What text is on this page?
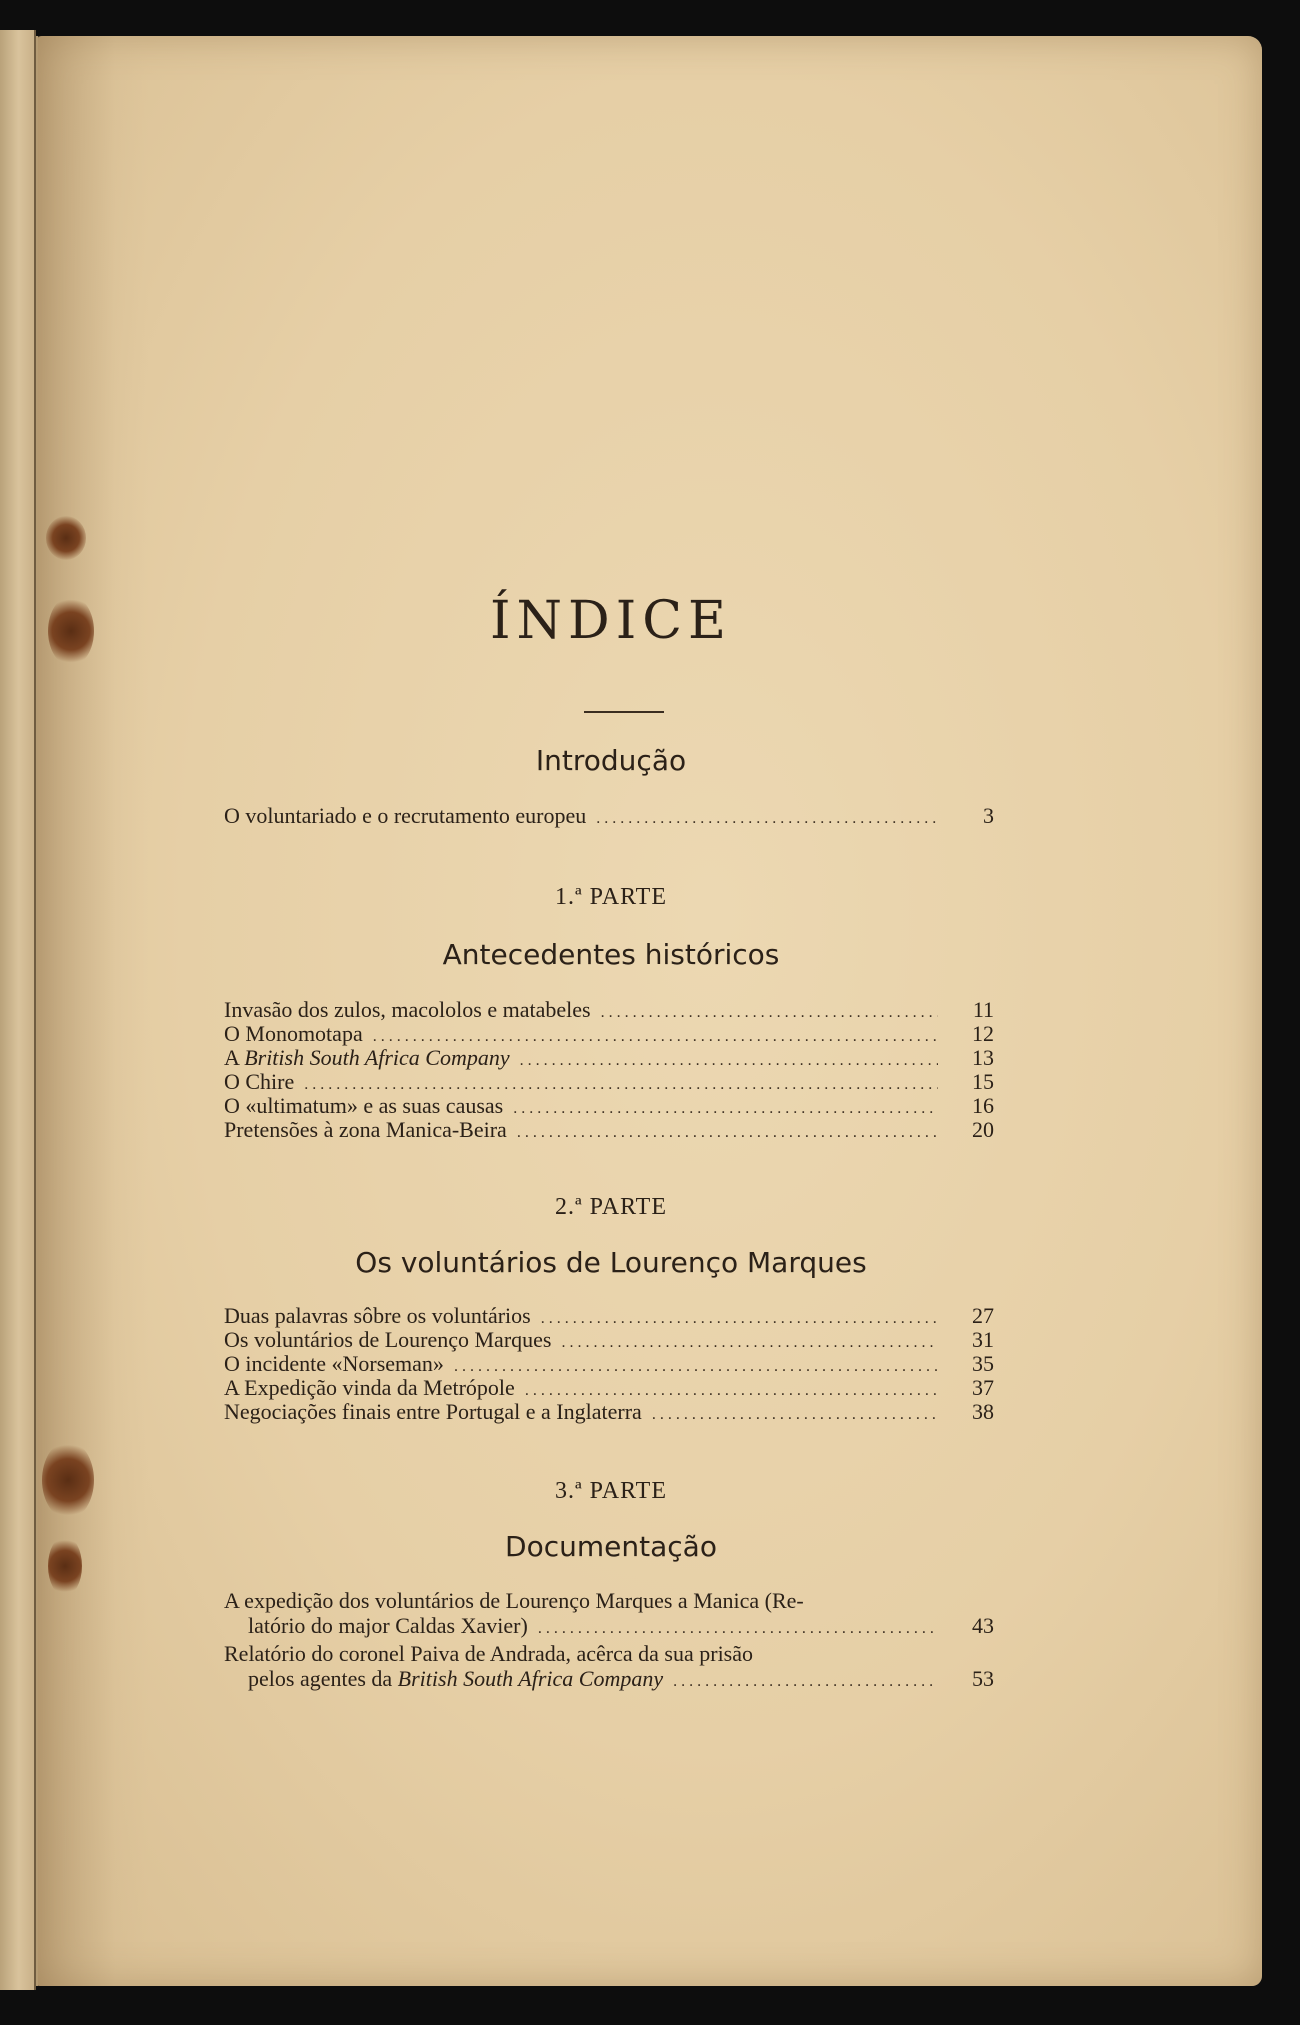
ÍNDICE
Introdução
O voluntariado e o recrutamento europeu . . .	3

1.ª PARTE

Antecedentes históricos
Invasão dos zulos, macololos e matabeles . . .	11
O Monomotapa . . .	12
A British South Africa Company . . .	13
O Chire . . .	15
O «ultimatum» e as suas causas . . .	16
Pretensões à zona Manica-Beira . . .	20

2.ª PARTE

Os voluntários de Lourenço Marques
Duas palavras sôbre os voluntários . . .	27
Os voluntários de Lourenço Marques . . .	31
O incidente «Norseman» . . .	35
A Expedição vinda da Metrópole . . .	37
Negociações finais entre Portugal e a Inglaterra . . .	38

3.ª PARTE

Documentação
A expedição dos voluntários de Lourenço Marques a Manica (Re-
latório do major Caldas Xavier) . . .	43
Relatório do coronel Paiva de Andrada, acêrca da sua prisão
pelos agentes da British South Africa Company . . .	53
